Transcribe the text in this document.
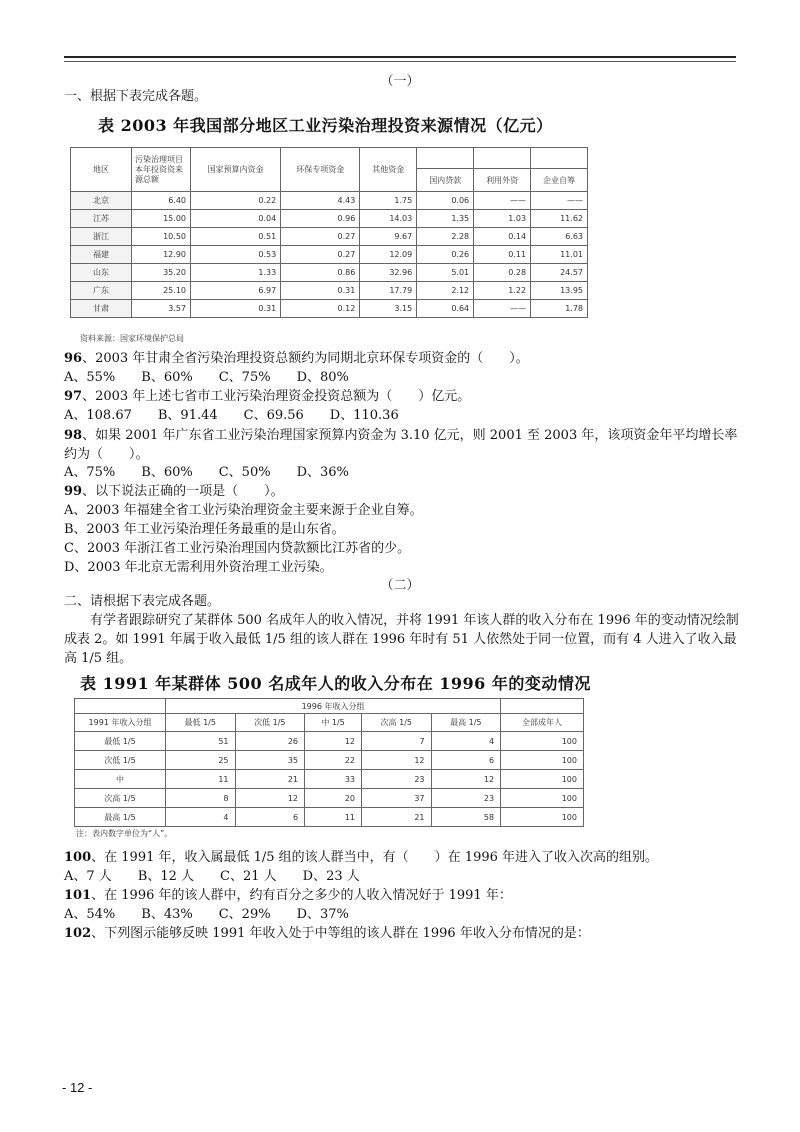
（一）
一、根据下表完成各题。
表 2003 年我国部分地区工业污染治理投资来源情况（亿元）
地区	污染治理项目本年投资资来源总额	国家预算内资金	环保专项资金	其他资金			
					国内贷款	利用外资	企业自筹
北京	6.40	0.22	4.43	1.75	0.06	——	——
江苏	15.00	0.04	0.96	14.03	1.35	1.03	11.62
浙江	10.50	0.51	0.27	9.67	2.28	0.14	6.63
福建	12.90	0.53	0.27	12.09	0.26	0.11	11.01
山东	35.20	1.33	0.86	32.96	5.01	0.28	24.57
广东	25.10	6.97	0.31	17.79	2.12	1.22	13.95
甘肃	3.57	0.31	0.12	3.15	0.64	——	1.78
资料来源：国家环境保护总局
96、2003 年甘肃全省污染治理投资总额约为同期北京环保专项资金的（　　）。
A、55%　　B、60%　　C、75%　　D、80%
97、2003 年上述七省市工业污染治理资金投资总额为（　　）亿元。
A、108.67　　B、91.44　　C、69.56　　D、110.36
98、如果 2001 年广东省工业污染治理国家预算内资金为 3.10 亿元，则 2001 至 2003 年，该项资金年平均增长率约为（　　）。
A、75%　　B、60%　　C、50%　　D、36%
99、以下说法正确的一项是（　　）。
A、2003 年福建全省工业污染治理资金主要来源于企业自筹。
B、2003 年工业污染治理任务最重的是山东省。
C、2003 年浙江省工业污染治理国内贷款额比江苏省的少。
D、2003 年北京无需利用外资治理工业污染。
（二）
二、请根据下表完成各题。
有学者跟踪研究了某群体 500 名成年人的收入情况，并将 1991 年该人群的收入分布在 1996 年的变动情况绘制成表 2。如 1991 年属于收入最低 1/5 组的该人群在 1996 年时有 51 人依然处于同一位置，而有 4 人进入了收入最高 1/5 组。
表 1991 年某群体 500 名成年人的收入分布在 1996 年的变动情况
	1996 年收入分组					
1991 年收入分组	最低 1/5	次低 1/5	中 1/5	次高 1/5	最高 1/5	全部成年人
最低 1/5	51	26	12	7	4	100
次低 1/5	25	35	22	12	6	100
中	11	21	33	23	12	100
次高 1/5	8	12	20	37	23	100
最高 1/5	4	6	11	21	58	100
注：表内数字单位为“人”。
100、在 1991 年，收入属最低 1/5 组的该人群当中，有（　　）在 1996 年进入了收入次高的组别。
A、7 人　　B、12 人　　C、21 人　　D、23 人
101、在 1996 年的该人群中，约有百分之多少的人收入情况好于 1991 年：
A、54%　　B、43%　　C、29%　　D、37%
102、下列图示能够反映 1991 年收入处于中等组的该人群在 1996 年收入分布情况的是：
- 12 -
